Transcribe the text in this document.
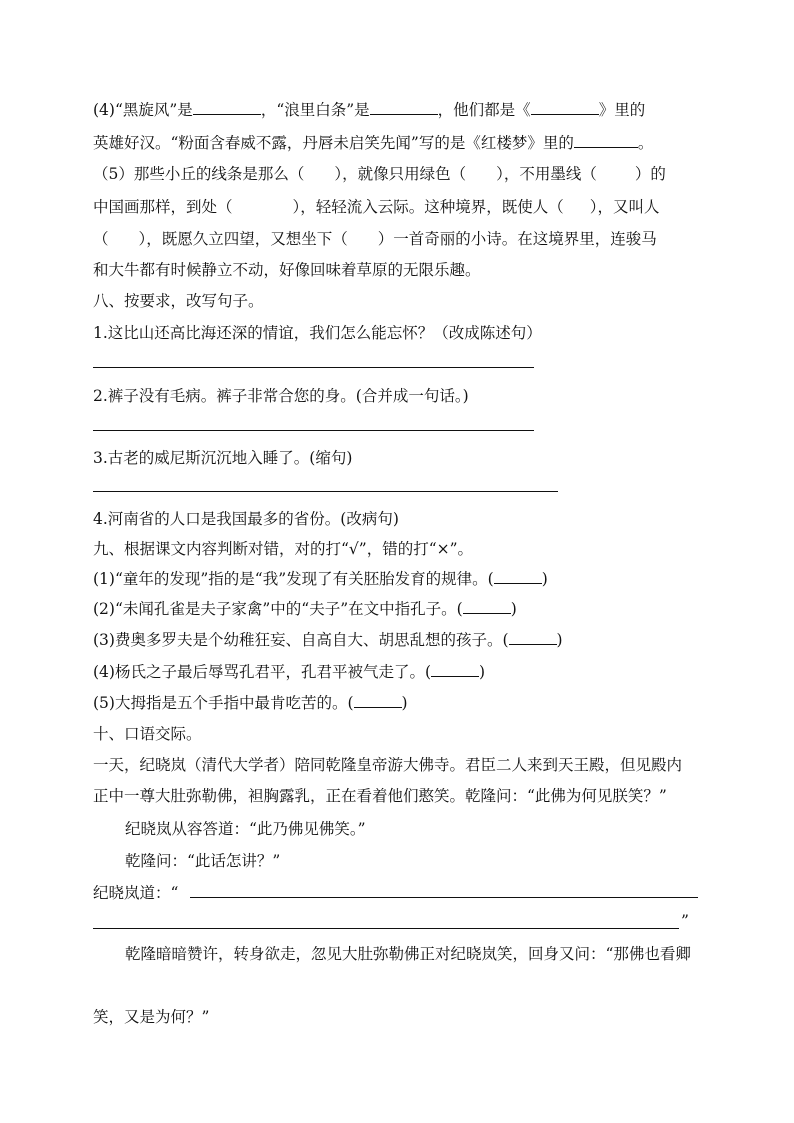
(4)“黑旋风”是	，“浪里白条”是	，他们都是《	》里的

英雄好汉。“粉面含春威不露，丹唇未启笑先闻”写的是《红楼梦》里的	。

（5）那些小丘的线条是那么（ ），就像只用绿色（ ），不用墨线（ ）的

中国画那样，到处（	），轻轻流入云际。这种境界，既使人（ ），又叫人

（ ），既愿久立四望，又想坐下（ ）一首奇丽的小诗。在这境界里，连骏马

和大牛都有时候静立不动，好像回味着草原的无限乐趣。

八、按要求，改写句子。

1.这比山还高比海还深的情谊，我们怎么能忘怀？（改成陈述句）

2.裤子没有毛病。裤子非常合您的身。(合并成一句话。)

3.古老的威尼斯沉沉地入睡了。(缩句)

4.河南省的人口是我国最多的省份。(改病句)

九、根据课文内容判断对错，对的打“√”，错的打“×”。

(1)“童年的发现”指的是“我”发现了有关胚胎发育的规律。(	)

(2)“未闻孔雀是夫子家禽”中的“夫子”在文中指孔子。(	)

(3)费奥多罗夫是个幼稚狂妄、自高自大、胡思乱想的孩子。(	)

(4)杨氏之子最后辱骂孔君平，孔君平被气走了。(	)

(5)大拇指是五个手指中最肯吃苦的。(	)

十、口语交际。

一天，纪晓岚（清代大学者）陪同乾隆皇帝游大佛寺。君臣二人来到天王殿，但见殿内

正中一尊大肚弥勒佛，袒胸露乳，正在看着他们憨笑。乾隆问：“此佛为何见朕笑？”

纪晓岚从容答道：“此乃佛见佛笑。”

乾隆问：“此话怎讲？”

纪晓岚道：“

”

乾隆暗暗赞许，转身欲走，忽见大肚弥勒佛正对纪晓岚笑，回身又问：“那佛也看卿

笑，又是为何？”
